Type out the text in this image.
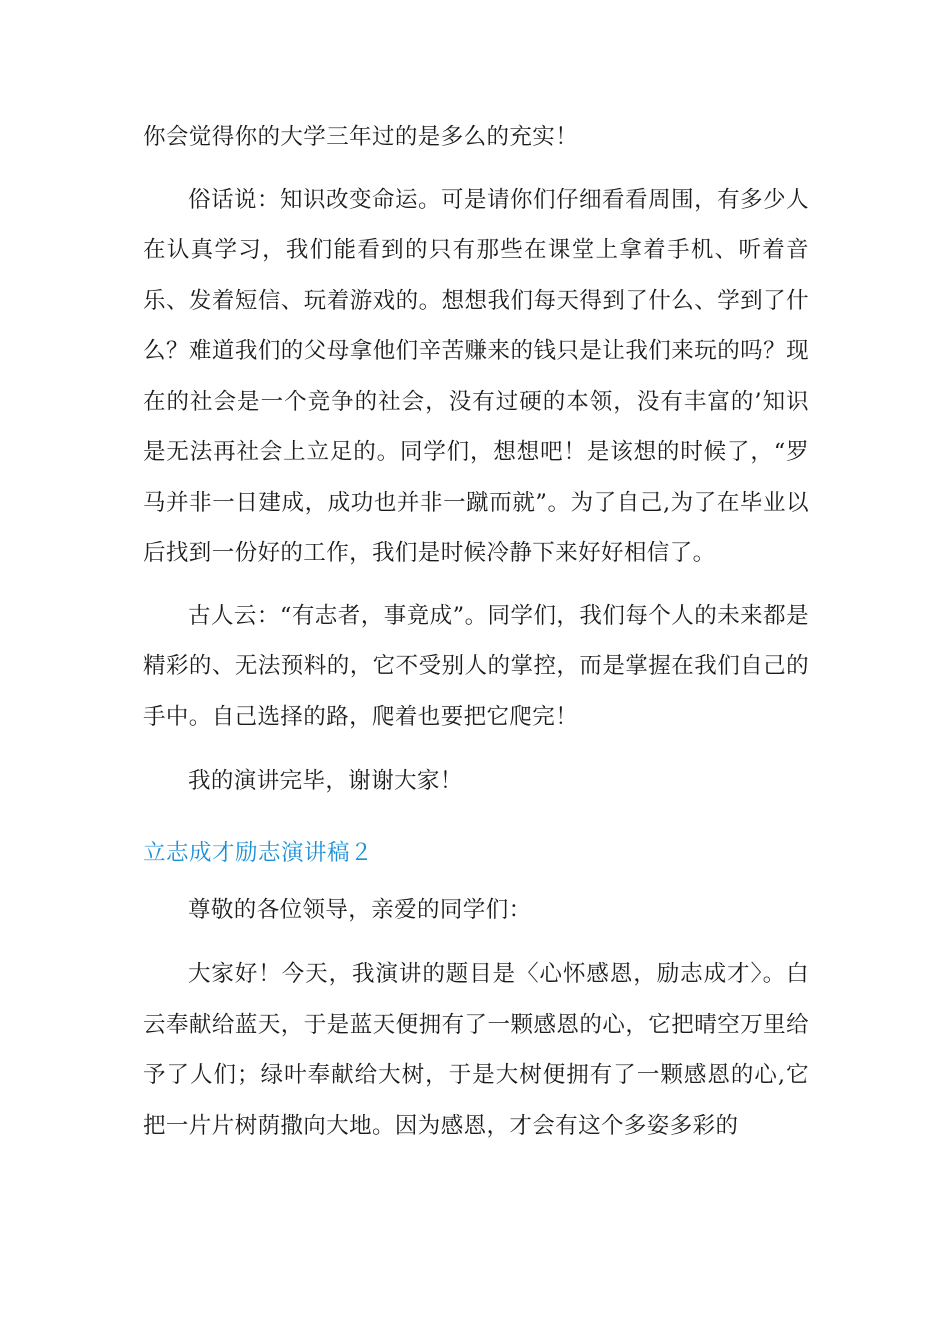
你会觉得你的大学三年过的是多么的充实！

俗话说：知识改变命运。可是请你们仔细看看周围，有多少人在认真学习，我们能看到的只有那些在课堂上拿着手机、听着音乐、发着短信、玩着游戏的。想想我们每天得到了什么、学到了什么？难道我们的父母拿他们辛苦赚来的钱只是让我们来玩的吗？现在的社会是一个竞争的社会，没有过硬的本领，没有丰富的’知识是无法再社会上立足的。同学们，想想吧！是该想的时候了，“罗马并非一日建成，成功也并非一蹴而就”。为了自己,为了在毕业以后找到一份好的工作，我们是时候冷静下来好好相信了。

古人云：“有志者，事竟成”。同学们，我们每个人的未来都是精彩的、无法预料的，它不受别人的掌控，而是掌握在我们自己的手中。自己选择的路，爬着也要把它爬完！

我的演讲完毕，谢谢大家！

立志成才励志演讲稿２

尊敬的各位领导，亲爱的同学们：

大家好！今天，我演讲的题目是〈心怀感恩，励志成才〉。白云奉献给蓝天，于是蓝天便拥有了一颗感恩的心，它把晴空万里给予了人们；绿叶奉献给大树，于是大树便拥有了一颗感恩的心,它把一片片树荫撒向大地。因为感恩，才会有这个多姿多彩的
